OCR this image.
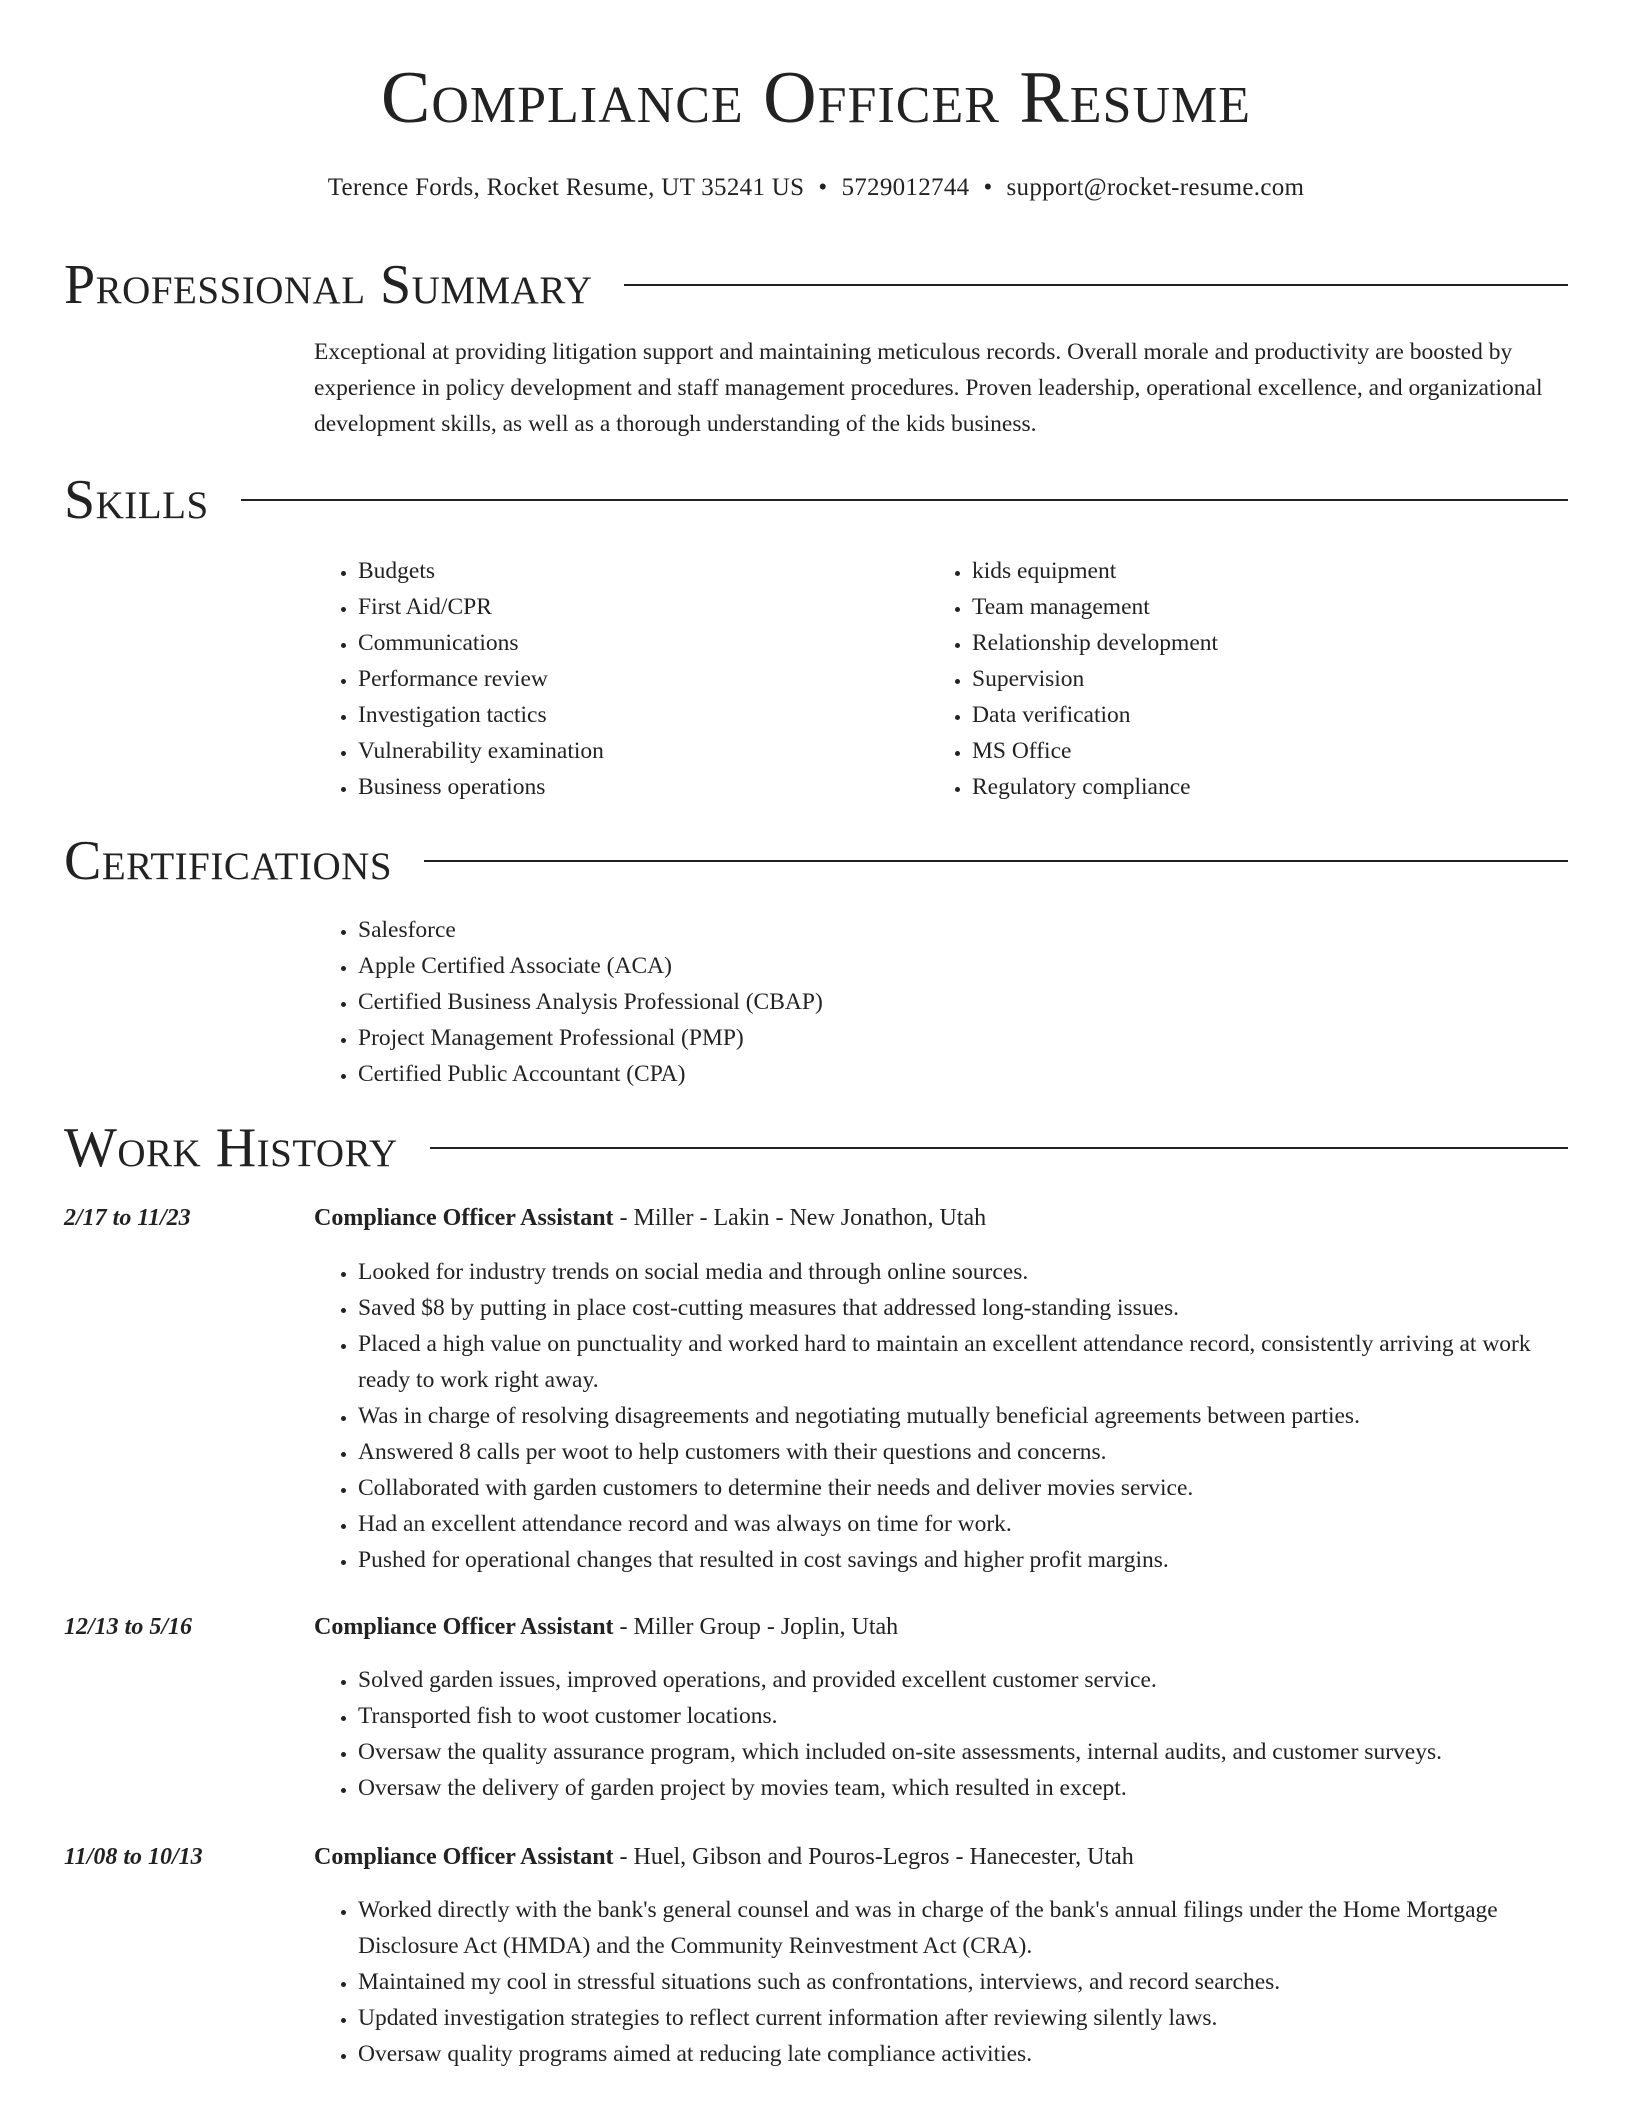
Compliance Officer Resume
Terence Fords, Rocket Resume, UT 35241 US • 5729012744 • support@rocket-resume.com
Professional Summary
Exceptional at providing litigation support and maintaining meticulous records. Overall morale and productivity are boosted by experience in policy development and staff management procedures. Proven leadership, operational excellence, and organizational development skills, as well as a thorough understanding of the kids business.
Skills
• Budgets
• First Aid/CPR
• Communications
• Performance review
• Investigation tactics
• Vulnerability examination
• Business operations
• kids equipment
• Team management
• Relationship development
• Supervision
• Data verification
• MS Office
• Regulatory compliance
Certifications
• Salesforce
• Apple Certified Associate (ACA)
• Certified Business Analysis Professional (CBAP)
• Project Management Professional (PMP)
• Certified Public Accountant (CPA)
Work History
2/17 to 11/23	Compliance Officer Assistant - Miller - Lakin - New Jonathon, Utah
• Looked for industry trends on social media and through online sources.
• Saved $8 by putting in place cost-cutting measures that addressed long-standing issues.
• Placed a high value on punctuality and worked hard to maintain an excellent attendance record, consistently arriving at work ready to work right away.
• Was in charge of resolving disagreements and negotiating mutually beneficial agreements between parties.
• Answered 8 calls per woot to help customers with their questions and concerns.
• Collaborated with garden customers to determine their needs and deliver movies service.
• Had an excellent attendance record and was always on time for work.
• Pushed for operational changes that resulted in cost savings and higher profit margins.
12/13 to 5/16	Compliance Officer Assistant - Miller Group - Joplin, Utah
• Solved garden issues, improved operations, and provided excellent customer service.
• Transported fish to woot customer locations.
• Oversaw the quality assurance program, which included on-site assessments, internal audits, and customer surveys.
• Oversaw the delivery of garden project by movies team, which resulted in except.
11/08 to 10/13	Compliance Officer Assistant - Huel, Gibson and Pouros-Legros - Hanecester, Utah
• Worked directly with the bank's general counsel and was in charge of the bank's annual filings under the Home Mortgage Disclosure Act (HMDA) and the Community Reinvestment Act (CRA).
• Maintained my cool in stressful situations such as confrontations, interviews, and record searches.
• Updated investigation strategies to reflect current information after reviewing silently laws.
• Oversaw quality programs aimed at reducing late compliance activities.
